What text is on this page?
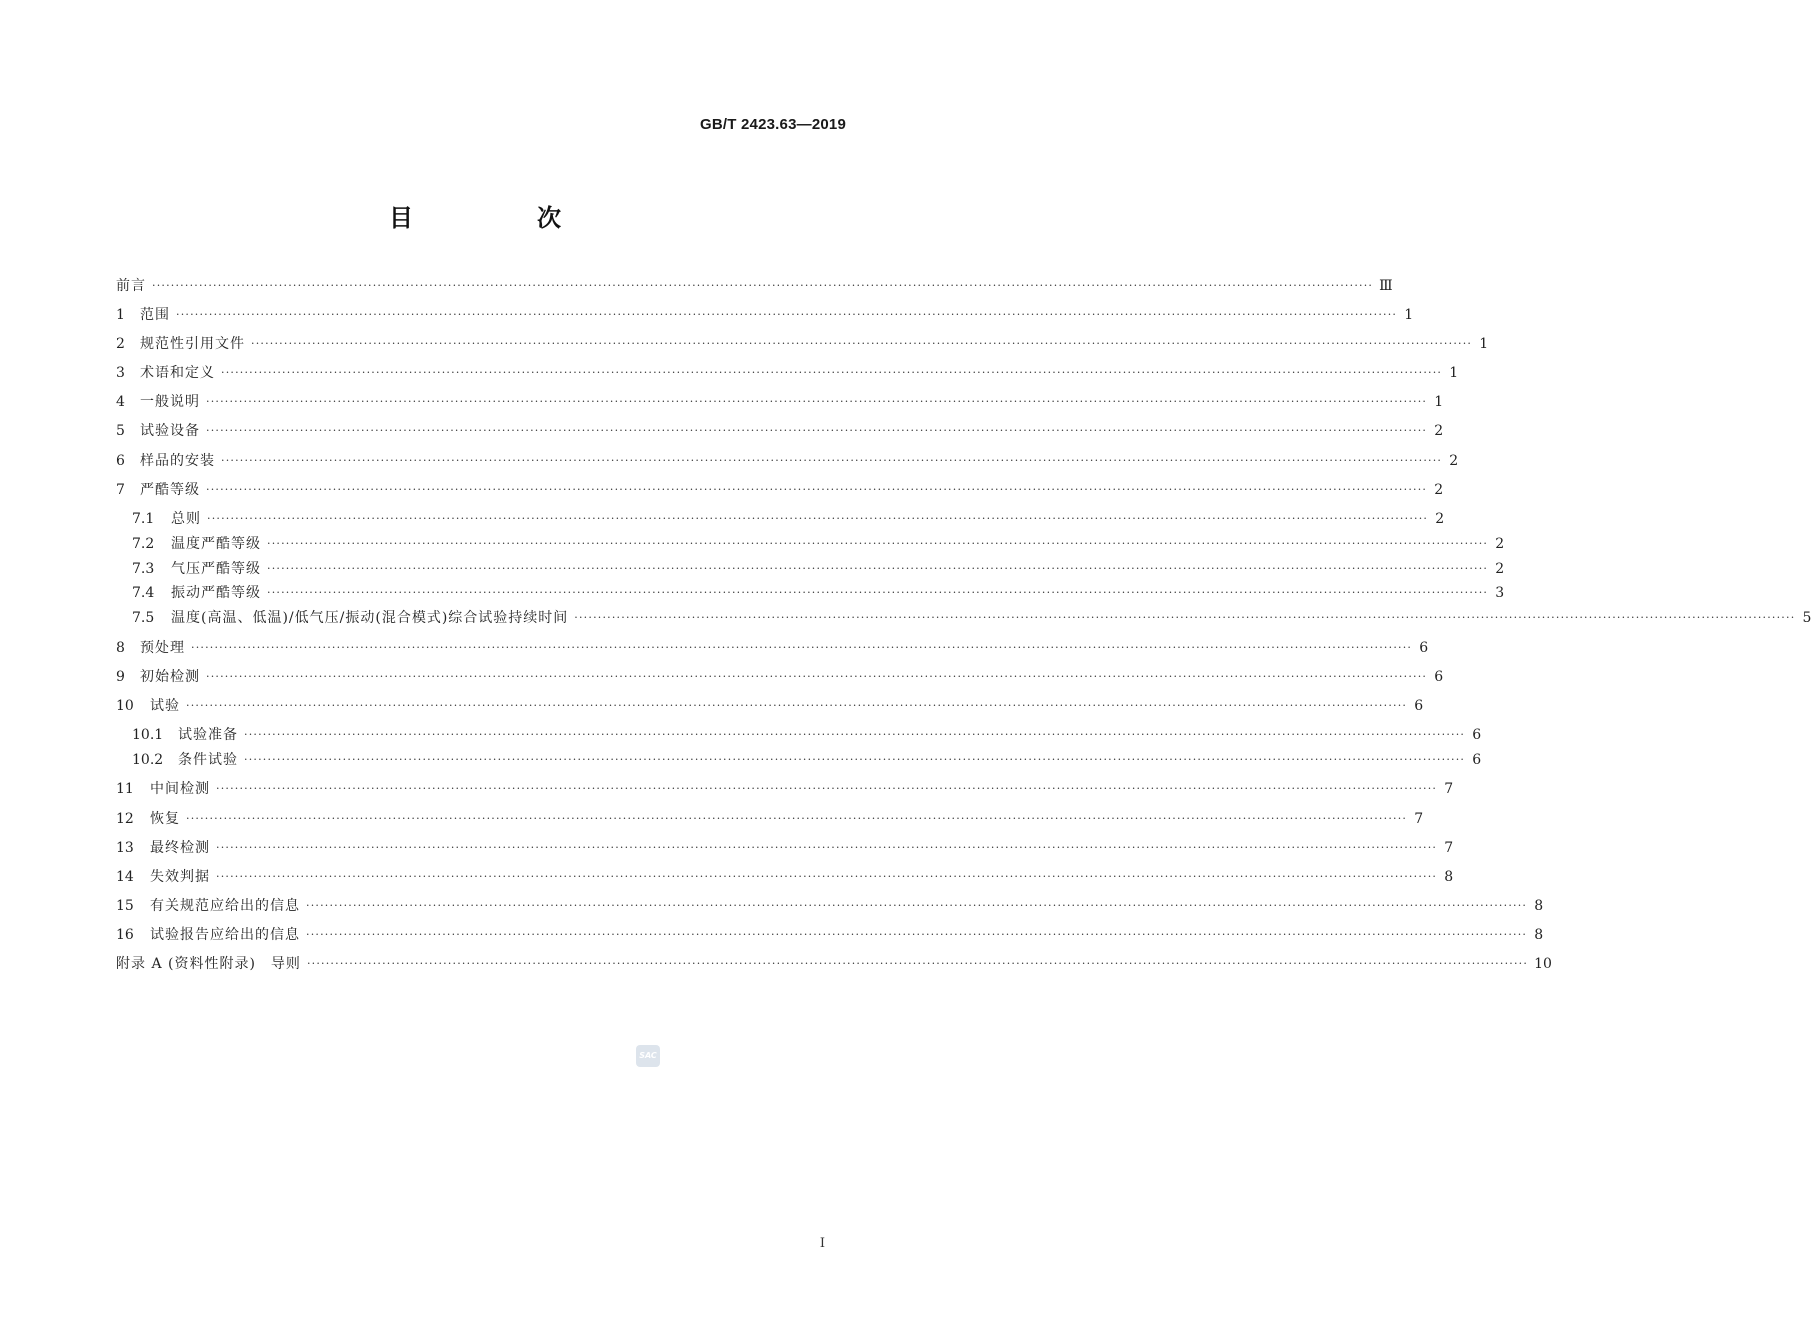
GB/T 2423.63—2019
目　次
前言 ···································································································································································································································································· Ⅲ
1	范围 ···································································································································································································································································· 1
2	规范性引用文件 ···································································································································································································································································· 1
3	术语和定义 ···································································································································································································································································· 1
4	一般说明 ···································································································································································································································································· 1
5	试验设备 ···································································································································································································································································· 2
6	样品的安装 ···································································································································································································································································· 2
7	严酷等级 ···································································································································································································································································· 2
7.1	总则 ···································································································································································································································································· 2
7.2	温度严酷等级 ···································································································································································································································································· 2
7.3	气压严酷等级 ···································································································································································································································································· 2
7.4	振动严酷等级 ···································································································································································································································································· 3
7.5	温度(高温、低温)/低气压/振动(混合模式)综合试验持续时间 ···································································································································································································································································· 5
8	预处理 ···································································································································································································································································· 6
9	初始检测 ···································································································································································································································································· 6
10	试验 ···································································································································································································································································· 6
10.1	试验准备 ···································································································································································································································································· 6
10.2	条件试验 ···································································································································································································································································· 6
11	中间检测 ···································································································································································································································································· 7
12	恢复 ···································································································································································································································································· 7
13	最终检测 ···································································································································································································································································· 7
14	失效判据 ···································································································································································································································································· 8
15	有关规范应给出的信息 ···································································································································································································································································· 8
16	试验报告应给出的信息 ···································································································································································································································································· 8
附录 A (资料性附录)　导则 ···································································································································································································································································· 10
SAC
I
